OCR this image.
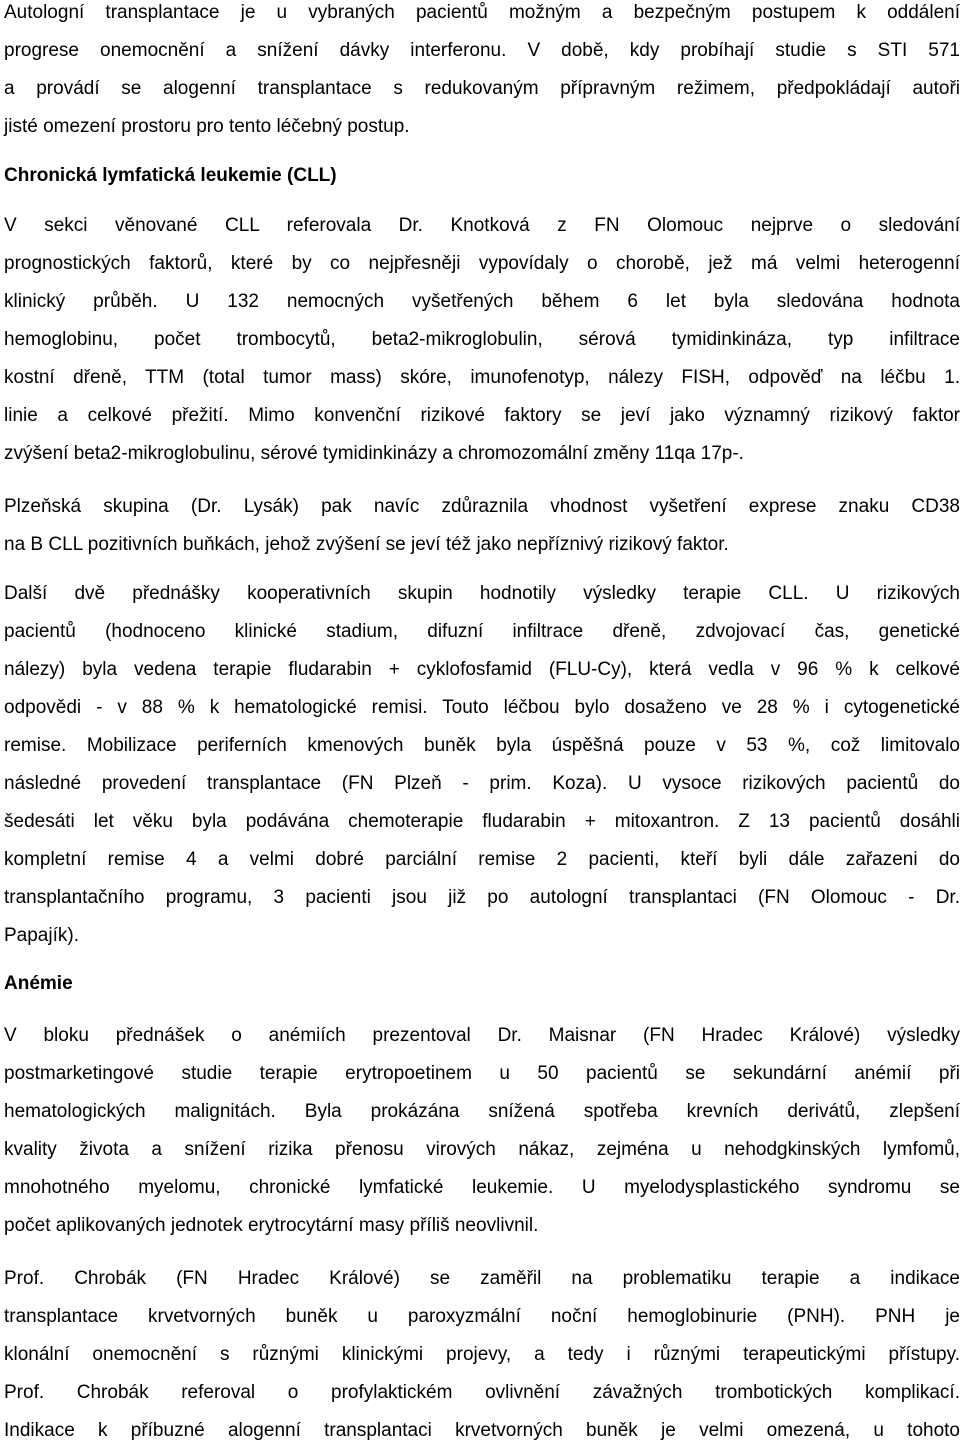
Autologní transplantace je u vybraných pacientů možným a bezpečným postupem k oddálení
progrese onemocnění a snížení dávky interferonu. V době, kdy probíhají studie s STI 571
a provádí se alogenní transplantace s redukovaným přípravným režimem, předpokládají autoři
jisté omezení prostoru pro tento léčebný postup.

Chronická lymfatická leukemie (CLL)

V sekci věnované CLL referovala Dr. Knotková z FN Olomouc nejprve o sledování
prognostických faktorů, které by co nejpřesněji vypovídaly o chorobě, jež má velmi heterogenní
klinický průběh. U 132 nemocných vyšetřených během 6 let byla sledována hodnota
hemoglobinu, počet trombocytů, beta2-mikroglobulin, sérová tymidinkináza, typ infiltrace
kostní dřeně, TTM (total tumor mass) skóre, imunofenotyp, nálezy FISH, odpověď na léčbu 1.
linie a celkové přežití. Mimo konvenční rizikové faktory se jeví jako významný rizikový faktor
zvýšení beta2-mikroglobulinu, sérové tymidinkinázy a chromozomální změny 11qa 17p-.

Plzeňská skupina (Dr. Lysák) pak navíc zdůraznila vhodnost vyšetření exprese znaku CD38
na B CLL pozitivních buňkách, jehož zvýšení se jeví též jako nepříznivý rizikový faktor.

Další dvě přednášky kooperativních skupin hodnotily výsledky terapie CLL. U rizikových
pacientů (hodnoceno klinické stadium, difuzní infiltrace dřeně, zdvojovací čas, genetické
nálezy) byla vedena terapie fludarabin + cyklofosfamid (FLU-Cy), která vedla v 96 % k celkové
odpovědi - v 88 % k hematologické remisi. Touto léčbou bylo dosaženo ve 28 % i cytogenetické
remise. Mobilizace periferních kmenových buněk byla úspěšná pouze v 53 %, což limitovalo
následné provedení transplantace (FN Plzeň - prim. Koza). U vysoce rizikových pacientů do
šedesáti let věku byla podávána chemoterapie fludarabin + mitoxantron. Z 13 pacientů dosáhli
kompletní remise 4 a velmi dobré parciální remise 2 pacienti, kteří byli dále zařazeni do
transplantačního programu, 3 pacienti jsou již po autologní transplantaci (FN Olomouc - Dr.
Papajík).

Anémie

V bloku přednášek o anémiích prezentoval Dr. Maisnar (FN Hradec Králové) výsledky
postmarketingové studie terapie erytropoetinem u 50 pacientů se sekundární anémií při
hematologických malignitách. Byla prokázána snížená spotřeba krevních derivátů, zlepšení
kvality života a snížení rizika přenosu virových nákaz, zejména u nehodgkinských lymfomů,
mnohotného myelomu, chronické lymfatické leukemie. U myelodysplastického syndromu se
počet aplikovaných jednotek erytrocytární masy příliš neovlivnil.

Prof. Chrobák (FN Hradec Králové) se zaměřil na problematiku terapie a indikace
transplantace krvetvorných buněk u paroxyzmální noční hemoglobinurie (PNH). PNH je
klonální onemocnění s různými klinickými projevy, a tedy i různými terapeutickými přístupy.
Prof. Chrobák referoval o profylaktickém ovlivnění závažných trombotických komplikací.
Indikace k příbuzné alogenní transplantaci krvetvorných buněk je velmi omezená, u tohoto
